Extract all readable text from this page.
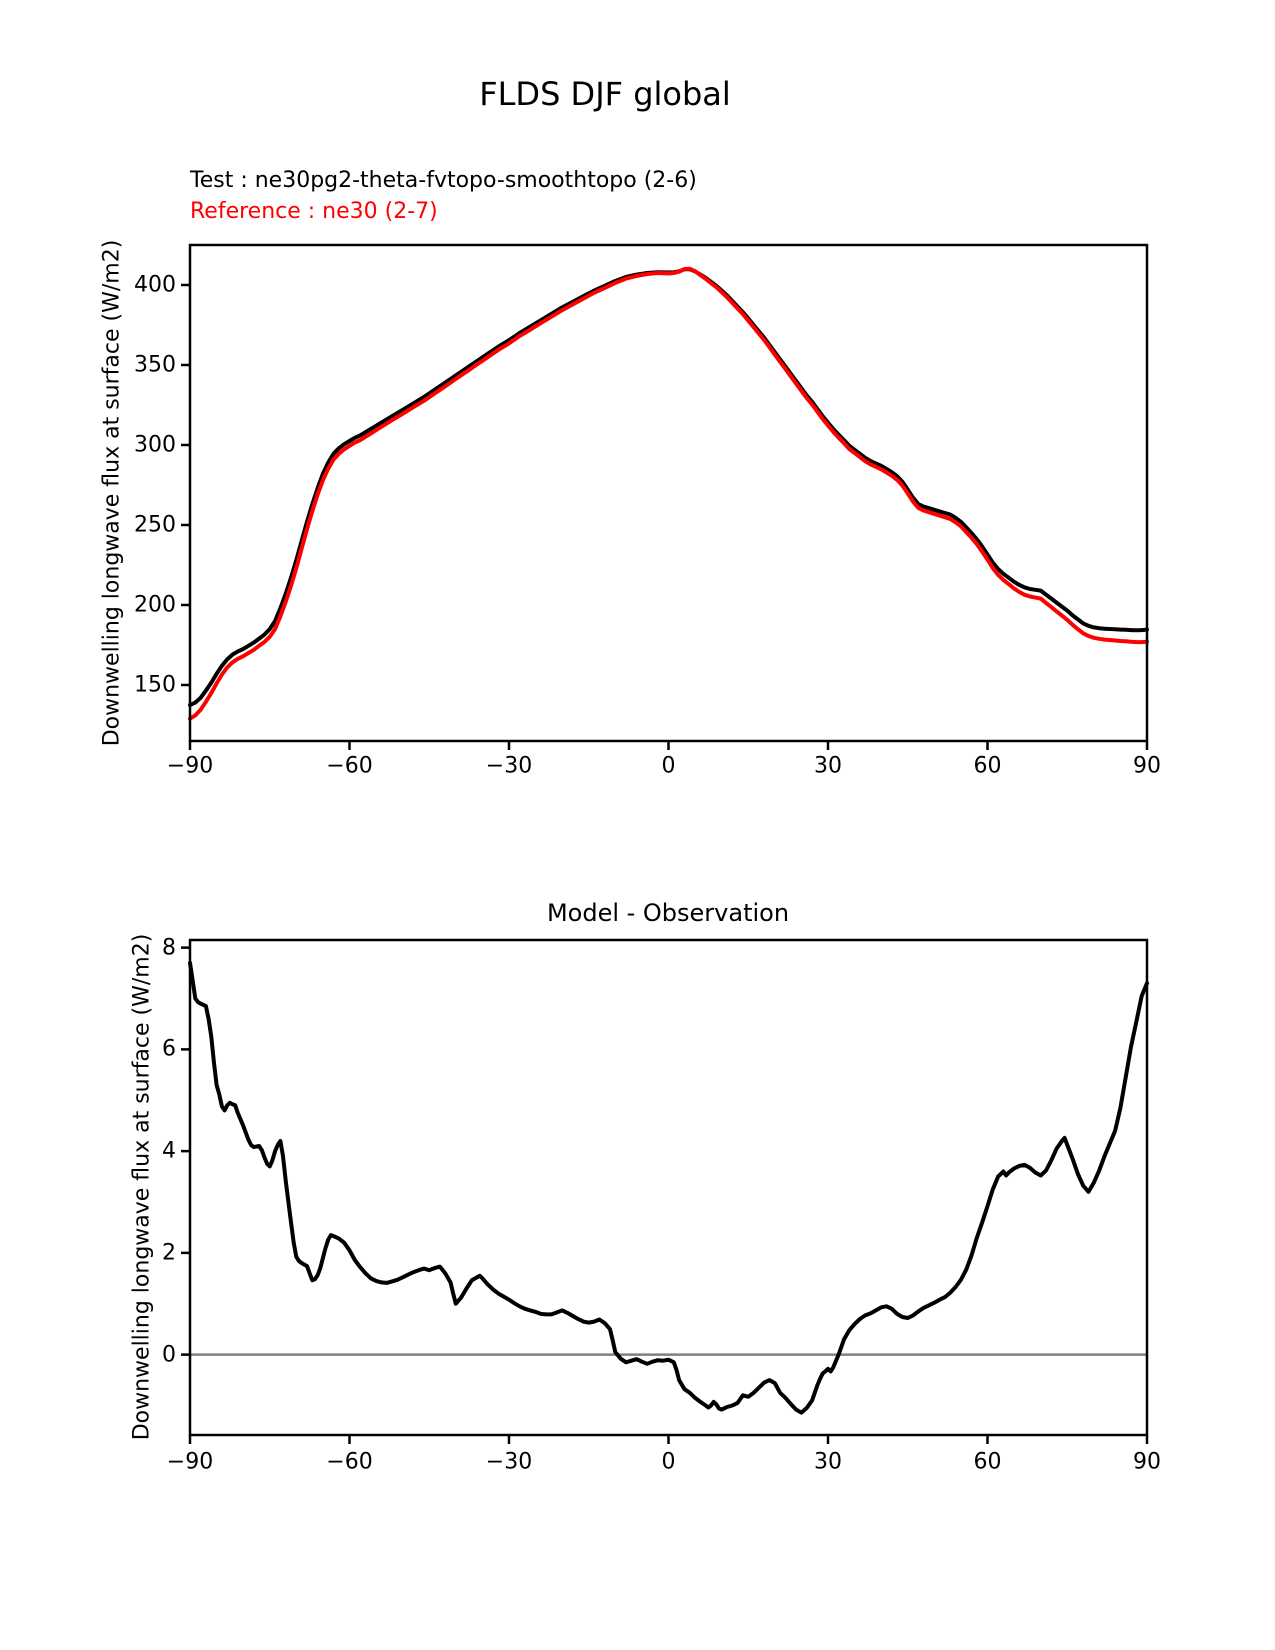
FLDS DJF global
Test : ne30pg2-theta-fvtopo-smoothtopo (2-6)
Reference : ne30 (2-7)
Downwelling longwave flux at surface (W/m2)
Model - Observation
Downwelling longwave flux at surface (W/m2)
−90	−60	−30	0	30	60	90
150
200
250
300
350
400
−90	−60	−30	0	30	60	90
0
2
4
6
8
